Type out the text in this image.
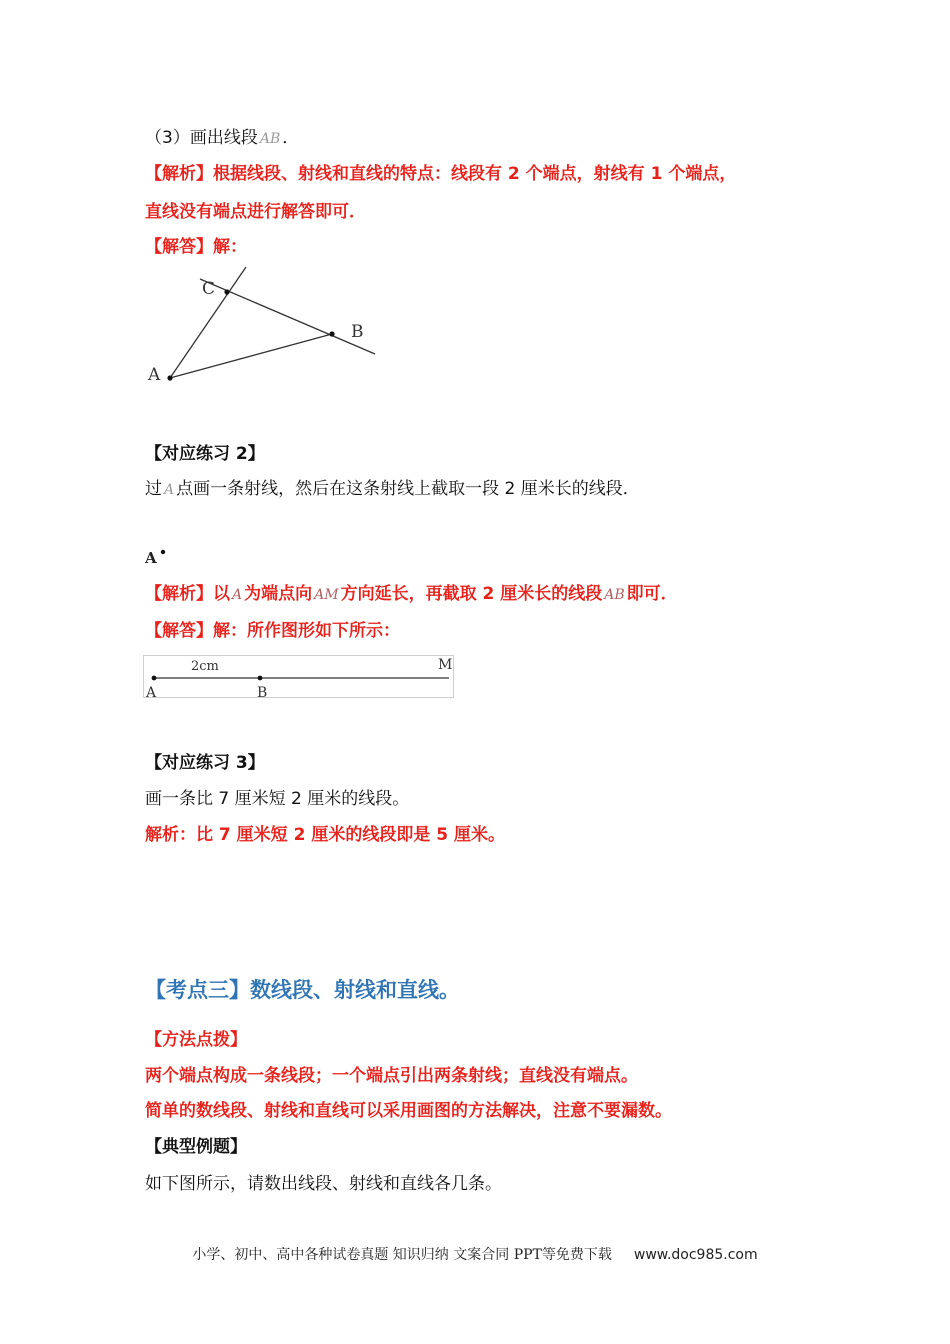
（3）画出线段 AB ．
【解析】根据线段、射线和直线的特点：线段有 2 个端点，射线有 1 个端点，
直线没有端点进行解答即可．
【解答】解：
C
B
A
【对应练习 2】
过 A 点画一条射线，然后在这条射线上截取一段 2 厘米长的线段．
A
【解析】以 A 为端点向 AM 方向延长，再截取 2 厘米长的线段 AB 即可．
【解答】解：所作图形如下所示：
2cm	M
A	B
【对应练习 3】
画一条比 7 厘米短 2 厘米的线段。
解析：比 7 厘米短 2 厘米的线段即是 5 厘米。
【考点三】数线段、射线和直线。
【方法点拨】
两个端点构成一条线段；一个端点引出两条射线；直线没有端点。
简单的数线段、射线和直线可以采用画图的方法解决，注意不要漏数。
【典型例题】
如下图所示，请数出线段、射线和直线各几条。
小学、初中、高中各种试卷真题 知识归纳 文案合同 PPT等免费下载 www.doc985.com
